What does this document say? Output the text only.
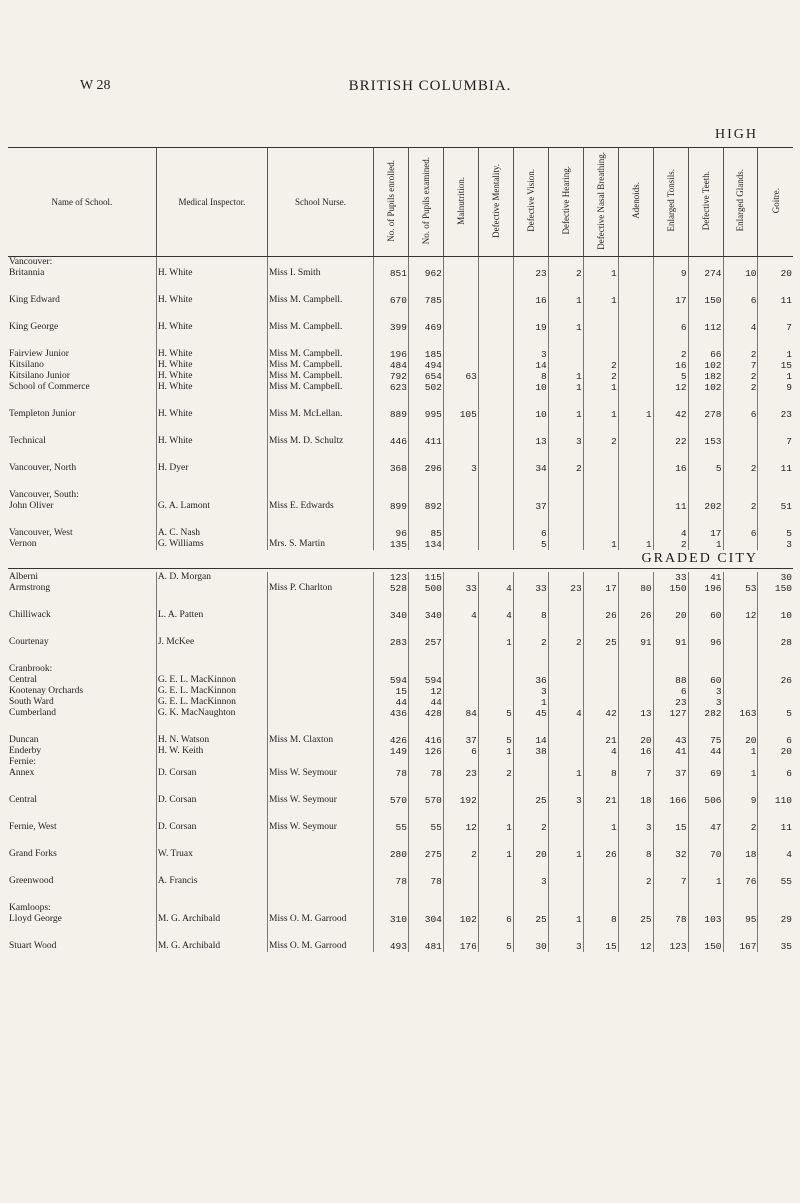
W 28	BRITISH COLUMBIA.
HIGH
Name of School.	Medical Inspector.	School Nurse.	No. of Pupils enrolled.	No. of Pupils examined.	Malnutrition.	Defective Mentality.	Defective Vision.	Defective Hearing.	Defective Nasal Breathing.	Adenoids.	Enlarged Tonsils.	Defective Teeth.	Enlarged Glands.	Goitre.
Vancouver:														
Britannia	H. White	Miss I. Smith	851	962			23	2	1		9	274	10	20

King Edward	H. White	Miss M. Campbell.	670	785			16	1	1		17	150	6	11

King George	H. White	Miss M. Campbell.	399	469			19	1			6	112	4	7

Fairview Junior	H. White	Miss M. Campbell.	196	185			3				2	66	2	1
Kitsilano	H. White	Miss M. Campbell.	484	494			14		2		16	102	7	15
Kitsilano Junior	H. White	Miss M. Campbell.	792	654	63		8	1	2		5	182	2	1
School of Commerce	H. White	Miss M. Campbell.	623	502			10	1	1		12	102	2	9

Templeton Junior	H. White	Miss M. McLellan.	889	995	105		10	1	1	1	42	278	6	23

Technical	H. White	Miss M. D. Schultz	446	411			13	3	2		22	153		7

Vancouver, North	H. Dyer		368	296	3		34	2			16	5	2	11

Vancouver, South:														
John Oliver	G. A. Lamont	Miss E. Edwards	899	892			37				11	202	2	51

Vancouver, West	A. C. Nash		96	85			6				4	17	6	5
Vernon	G. Williams	Mrs. S. Martin	135	134			5		1	1	2	1		3
GRADED CITY
Alberni	A. D. Morgan		123	115							33	41		30
Armstrong		Miss P. Charlton	528	500	33	4	33	23	17	80	150	196	53	150

Chilliwack	L. A. Patten		340	340	4	4	8		26	26	20	60	12	10

Courtenay	J. McKee		283	257		1	2	2	25	91	91	96		28

Cranbrook:														
Central	G. E. L. MacKinnon		594	594			36				88	60		26
Kootenay Orchards	G. E. L. MacKinnon		15	12			3				6	3		
South Ward	G. E. L. MacKinnon		44	44			1				23	3		
Cumberland	G. K. MacNaughton		436	428	84	5	45	4	42	13	127	282	163	5

Duncan	H. N. Watson	Miss M. Claxton	426	416	37	5	14		21	20	43	75	20	6
Enderby	H. W. Keith		149	126	6	1	38		4	16	41	44	1	20
Fernie:														
Annex	D. Corsan	Miss W. Seymour	78	78	23	2		1	8	7	37	69	1	6

Central	D. Corsan	Miss W. Seymour	570	570	192		25	3	21	18	166	506	9	110

Fernie, West	D. Corsan	Miss W. Seymour	55	55	12	1	2		1	3	15	47	2	11

Grand Forks	W. Truax		280	275	2	1	20	1	26	8	32	70	18	4

Greenwood	A. Francis		78	78			3			2	7	1	76	55

Kamloops:														
Lloyd George	M. G. Archibald	Miss O. M. Garrood	310	304	102	6	25	1	8	25	78	103	95	29

Stuart Wood	M. G. Archibald	Miss O. M. Garrood	493	481	176	5	30	3	15	12	123	150	167	35
